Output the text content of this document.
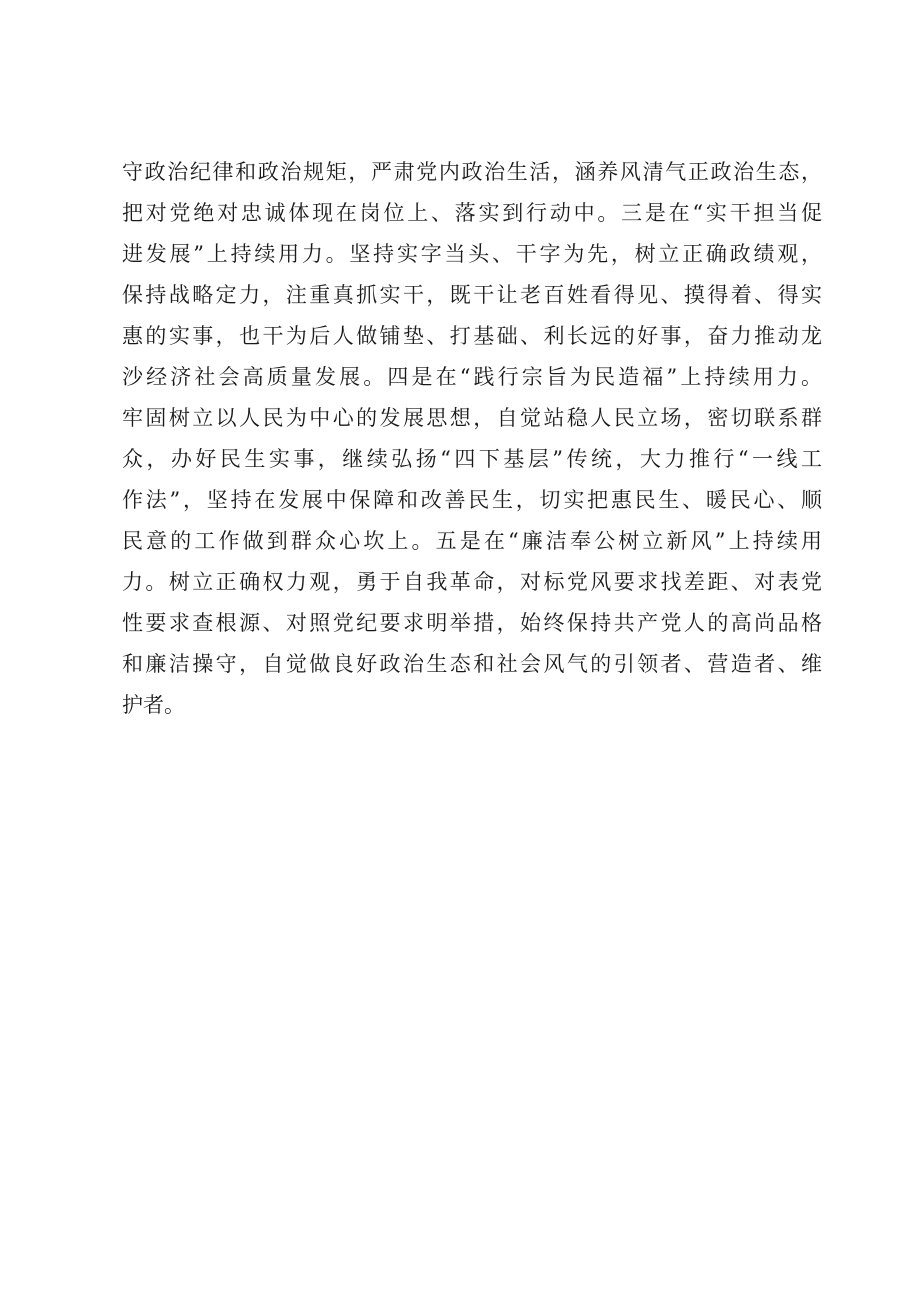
守政治纪律和政治规矩，严肃党内政治生活，涵养风清气正政治生态，
把对党绝对忠诚体现在岗位上、落实到行动中。三是在“实干担当促
进发展”上持续用力。坚持实字当头、干字为先，树立正确政绩观，
保持战略定力，注重真抓实干，既干让老百姓看得见、摸得着、得实
惠的实事，也干为后人做铺垫、打基础、利长远的好事，奋力推动龙
沙经济社会高质量发展。四是在“践行宗旨为民造福”上持续用力。
牢固树立以人民为中心的发展思想，自觉站稳人民立场，密切联系群
众，办好民生实事，继续弘扬“四下基层”传统，大力推行“一线工
作法”，坚持在发展中保障和改善民生，切实把惠民生、暖民心、顺
民意的工作做到群众心坎上。五是在“廉洁奉公树立新风”上持续用
力。树立正确权力观，勇于自我革命，对标党风要求找差距、对表党
性要求查根源、对照党纪要求明举措，始终保持共产党人的高尚品格
和廉洁操守，自觉做良好政治生态和社会风气的引领者、营造者、维
护者。
